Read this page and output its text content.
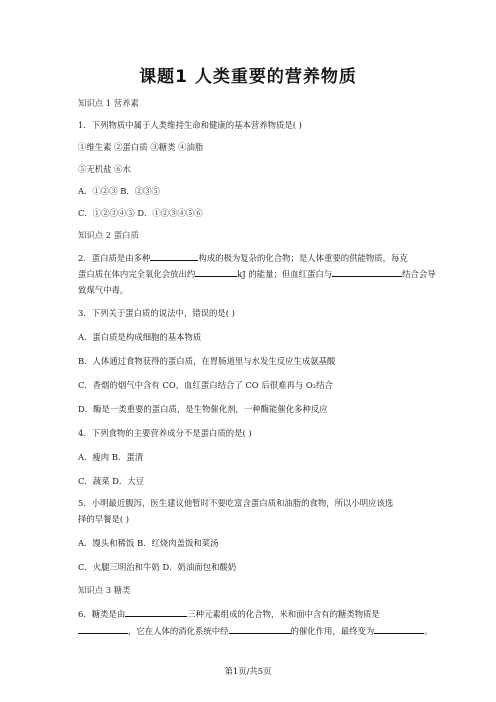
课题1 人类重要的营养物质
知识点 1 营养素
1．下列物质中属于人类维持生命和健康的基本营养物质是( )
①维生素 ②蛋白质 ③糖类 ④油脂
⑤无机盐 ⑥水
A．①②③ B．②③⑤
C．①②③④⑤ D．①②③④⑤⑥
知识点 2 蛋白质
2．蛋白质是由多种	构成的极为复杂的化合物；是人体重要的供能物质，每克
蛋白质在体内完全氧化会放出约	kJ 的能量；但血红蛋白与	结合会导
致煤气中毒。
3．下列关于蛋白质的说法中，错误的是( )
A．蛋白质是构成细胞的基本物质
B．人体通过食物获得的蛋白质，在胃肠道里与水发生反应生成氨基酸
C．香烟的烟气中含有 CO，血红蛋白结合了 CO 后很难再与 O₂结合
D．酶是一类重要的蛋白质，是生物催化剂，一种酶能催化多种反应
4．下列食物的主要营养成分不是蛋白质的是( )
A．瘦肉 B．蛋清
C．蔬菜 D．大豆
5．小明最近腹泻，医生建议他暂时不要吃富含蛋白质和油脂的食物，所以小明应该选
择的早餐是( )
A．馒头和稀饭 B．红烧肉盖饭和菜汤
C．火腿三明治和牛奶 D．奶油面包和酸奶
知识点 3 糖类
6．糖类是由	三种元素组成的化合物，米和面中含有的糖类物质是
，它在人体的消化系统中经	的催化作用，最终变为	。
第1页/共5页
